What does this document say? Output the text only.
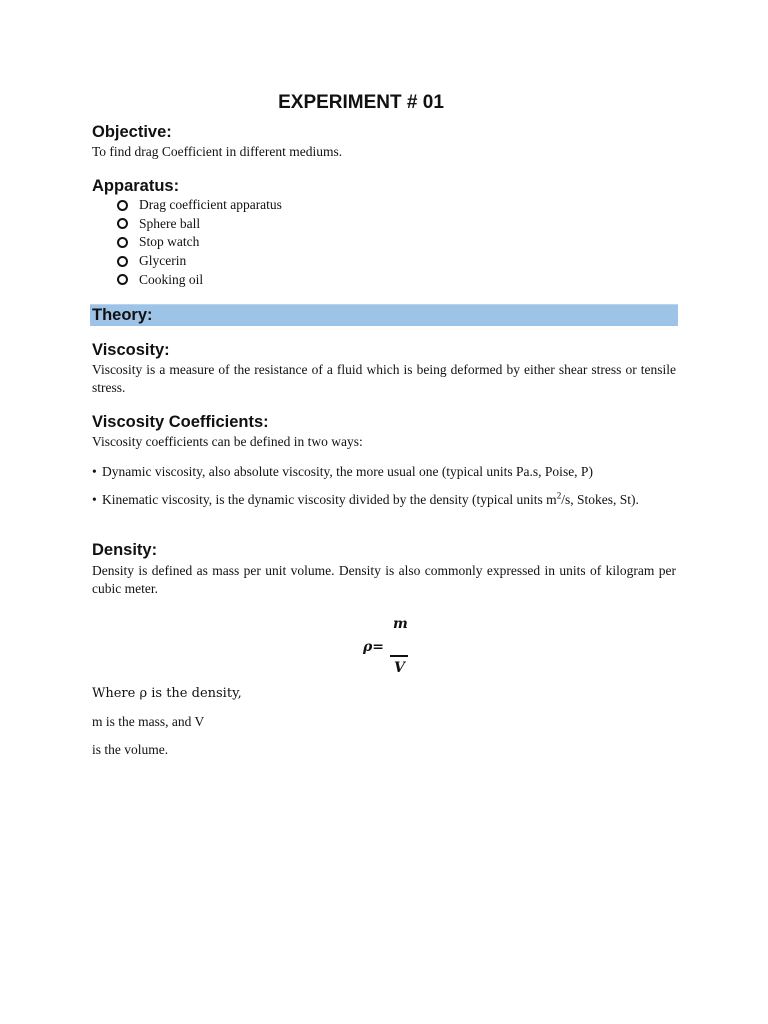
EXPERIMENT # 01
Objective:
To find drag Coefficient in different mediums.
Apparatus:
Drag coefficient apparatus
Sphere ball
Stop watch
Glycerin
Cooking oil
Theory:
Viscosity:
Viscosity is a measure of the resistance of a fluid which is being deformed by either shear stress or tensile stress.
Viscosity Coefficients:
Viscosity coefficients can be defined in two ways:
• Dynamic viscosity, also absolute viscosity, the more usual one (typical units Pa.s, Poise, P)
• Kinematic viscosity, is the dynamic viscosity divided by the density (typical units $m^2/s$, Stokes, St).
Density:
Density is defined as mass per unit volume. Density is also commonly expressed in units of kilogram per cubic meter.
m
ρ=
V
Where ρ is the density,
m is the mass, and V
is the volume.
